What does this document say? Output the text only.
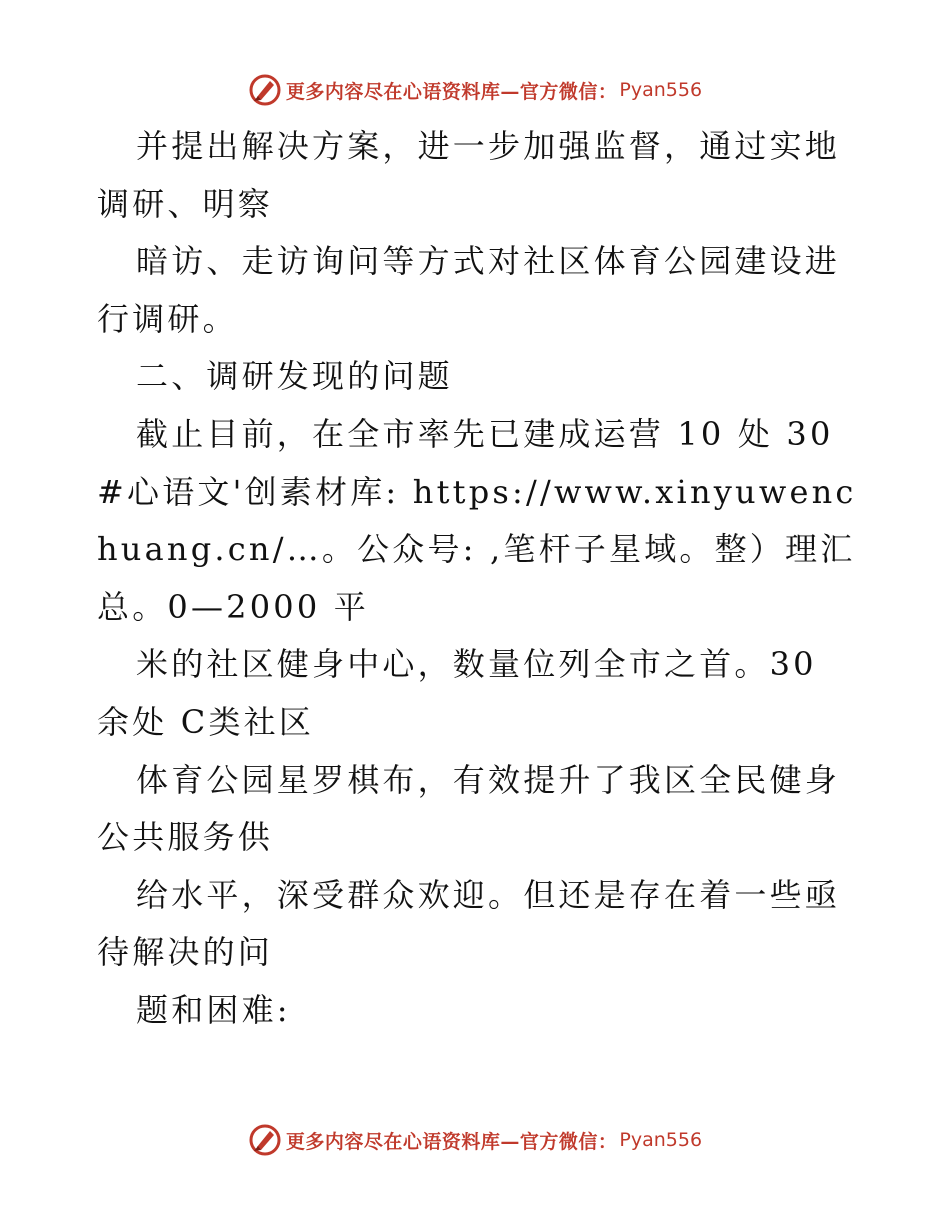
更多内容尽在心语资料库—官方微信： Pyan556

并提出解决方案，进一步加强监督，通过实地调研、明察

暗访、走访询问等方式对社区体育公园建设进行调研。

二、调研发现的问题

截止目前，在全市率先已建成运营 10 处 30#心语文'创素材库: https://www.xinyuwenchuang.cn/…。公众号: ,笔杆子星域。整）理汇总。0—2000 平

米的社区健身中心，数量位列全市之首。30 余处 C类社区

体育公园星罗棋布，有效提升了我区全民健身公共服务供

给水平，深受群众欢迎。但还是存在着一些亟待解决的问

题和困难:

更多内容尽在心语资料库—官方微信： Pyan556
